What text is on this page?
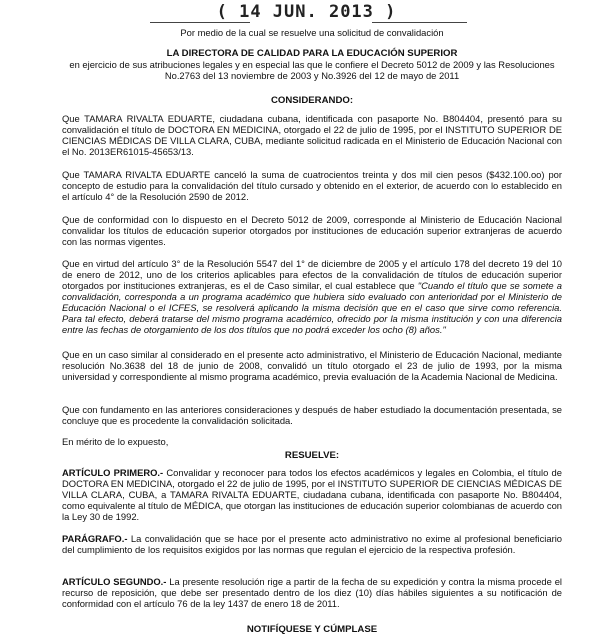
( 14 JUN. 2013 )
Por medio de la cual se resuelve una solicitud de convalidación
LA DIRECTORA DE CALIDAD PARA LA EDUCACIÓN SUPERIOR
en ejercicio de sus atribuciones legales y en especial las que le confiere el Decreto 5012 de 2009 y las Resoluciones No.2763 del 13 noviembre de 2003 y No.3926 del 12 de mayo de 2011
CONSIDERANDO:
Que TAMARA RIVALTA EDUARTE, ciudadana cubana, identificada con pasaporte No. B804404, presentó para su convalidación el título de DOCTORA EN MEDICINA, otorgado el 22 de julio de 1995, por el INSTITUTO SUPERIOR DE CIENCIAS MÉDICAS DE VILLA CLARA, CUBA, mediante solicitud radicada en el Ministerio de Educación Nacional con el No. 2013ER61015-45653/13.
Que TAMARA RIVALTA EDUARTE canceló la suma de cuatrocientos treinta y dos mil cien pesos ($432.100.oo) por concepto de estudio para la convalidación del título cursado y obtenido en el exterior, de acuerdo con lo establecido en el artículo 4° de la Resolución 2590 de 2012.
Que de conformidad con lo dispuesto en el Decreto 5012 de 2009, corresponde al Ministerio de Educación Nacional convalidar los títulos de educación superior otorgados por instituciones de educación superior extranjeras de acuerdo con las normas vigentes.
Que en virtud del artículo 3° de la Resolución 5547 del 1° de diciembre de 2005 y el artículo 178 del decreto 19 del 10 de enero de 2012, uno de los criterios aplicables para efectos de la convalidación de títulos de educación superior otorgados por instituciones extranjeras, es el de Caso similar, el cual establece que "Cuando el título que se somete a convalidación, corresponda a un programa académico que hubiera sido evaluado con anterioridad por el Ministerio de Educación Nacional o el ICFES, se resolverá aplicando la misma decisión que en el caso que sirve como referencia. Para tal efecto, deberá tratarse del mismo programa académico, ofrecido por la misma institución y con una diferencia entre las fechas de otorgamiento de los dos títulos que no podrá exceder los ocho (8) años."
Que en un caso similar al considerado en el presente acto administrativo, el Ministerio de Educación Nacional, mediante resolución No.3638 del 18 de junio de 2008, convalidó un título otorgado el 23 de julio de 1993, por la misma universidad y correspondiente al mismo programa académico, previa evaluación de la Academia Nacional de Medicina.
Que con fundamento en las anteriores consideraciones y después de haber estudiado la documentación presentada, se concluye que es procedente la convalidación solicitada.
En mérito de lo expuesto,
RESUELVE:
ARTÍCULO PRIMERO.- Convalidar y reconocer para todos los efectos académicos y legales en Colombia, el título de DOCTORA EN MEDICINA, otorgado el 22 de julio de 1995, por el INSTITUTO SUPERIOR DE CIENCIAS MÉDICAS DE VILLA CLARA, CUBA, a TAMARA RIVALTA EDUARTE, ciudadana cubana, identificada con pasaporte No. B804404, como equivalente al título de MÉDICA, que otorgan las instituciones de educación superior colombianas de acuerdo con la Ley 30 de 1992.
PARÁGRAFO.- La convalidación que se hace por el presente acto administrativo no exime al profesional beneficiario del cumplimiento de los requisitos exigidos por las normas que regulan el ejercicio de la respectiva profesión.
ARTÍCULO SEGUNDO.- La presente resolución rige a partir de la fecha de su expedición y contra la misma procede el recurso de reposición, que debe ser presentado dentro de los diez (10) días hábiles siguientes a su notificación de conformidad con el artículo 76 de la ley 1437 de enero 18 de 2011.
NOTIFÍQUESE Y CÚMPLASE
